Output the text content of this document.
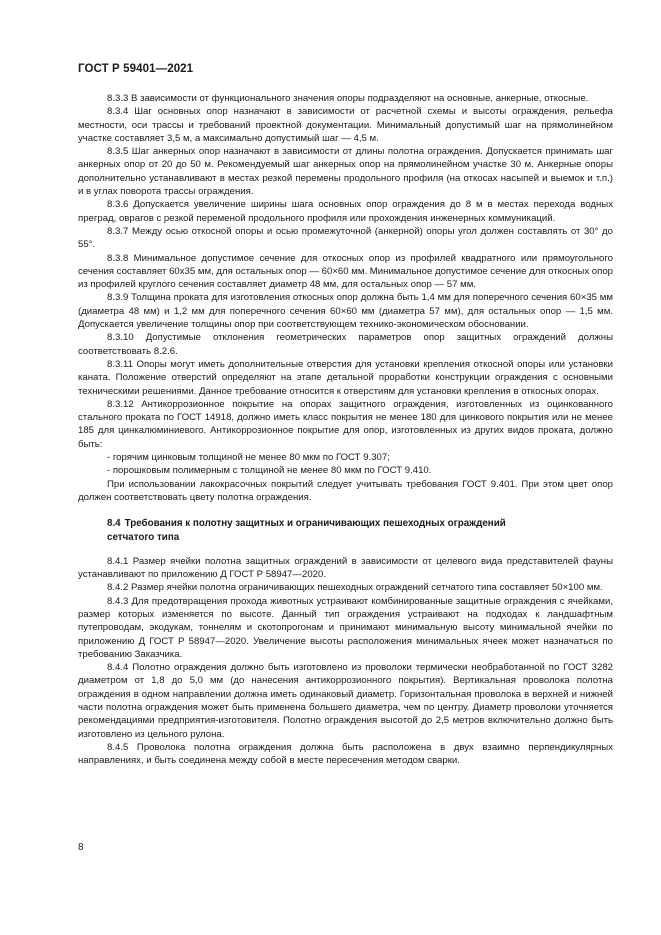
ГОСТ Р 59401—2021

8.3.3 В зависимости от функционального значения опоры подразделяют на основные, анкерные, откосные.

8.3.4 Шаг основных опор назначают в зависимости от расчетной схемы и высоты ограждения, рельефа местности, оси трассы и требований проектной документации. Минимальный допустимый шаг на прямолинейном участке составляет 3,5 м, а максимально допустимый шаг — 4,5 м.

8.3.5 Шаг анкерных опор назначают в зависимости от длины полотна ограждения. Допускается принимать шаг анкерных опор от 20 до 50 м. Рекомендуемый шаг анкерных опор на прямолинейном участке 30 м. Анкерные опоры дополнительно устанавливают в местах резкой перемены продольного профиля (на откосах насыпей и выемок и т.п.) и в углах поворота трассы ограждения.

8.3.6 Допускается увеличение ширины шага основных опор ограждения до 8 м в местах перехода водных преград, оврагов с резкой переменой продольного профиля или прохождения инженерных коммуникаций.

8.3.7 Между осью откосной опоры и осью промежуточной (анкерной) опоры угол должен составлять от 30° до 55°.

8.3.8 Минимальное допустимое сечение для откосных опор из профилей квадратного или прямоугольного сечения составляет 60х35 мм, для остальных опор — 60×60 мм. Минимальное допустимое сечение для откосных опор из профилей круглого сечения составляет диаметр 48 мм, для остальных опор — 57 мм.

8.3.9 Толщина проката для изготовления откосных опор должна быть 1,4 мм для поперечного сечения 60×35 мм (диаметра 48 мм) и 1,2 мм для поперечного сечения 60×60 мм (диаметра 57 мм), для остальных опор — 1,5 мм. Допускается увеличение толщины опор при соответствующем технико-экономическом обосновании.

8.3.10 Допустимые отклонения геометрических параметров опор защитных ограждений должны соответствовать 8.2.6.

8.3.11 Опоры могут иметь дополнительные отверстия для установки крепления откосной опоры или установки каната. Положение отверстий определяют на этапе детальной проработки конструкции ограждения с основными техническими решениями. Данное требование относится к отверстиям для установки крепления в откосных опорах.

8.3.12 Антикоррозионное покрытие на опорах защитного ограждения, изготовленных из оцинкованного стального проката по ГОСТ 14918, должно иметь класс покрытия не менее 180 для цинкового покрытия или не менее 185 для цинкалюминиевого. Антикоррозионное покрытие для опор, изготовленных из других видов проката, должно быть:

- горячим цинковым толщиной не менее 80 мкм по ГОСТ 9.307;

- порошковым полимерным с толщиной не менее 80 мкм по ГОСТ 9.410.

При использовании лакокрасочных покрытий следует учитывать требования ГОСТ 9.401. При этом цвет опор должен соответствовать цвету полотна ограждения.

8.4 Требования к полотну защитных и ограничивающих пешеходных ограждений
сетчатого типа

8.4.1 Размер ячейки полотна защитных ограждений в зависимости от целевого вида представителей фауны устанавливают по приложению Д ГОСТ Р 58947—2020.

8.4.2 Размер ячейки полотна ограничивающих пешеходных ограждений сетчатого типа составляет 50×100 мм.

8.4.3 Для предотвращения прохода животных устраивают комбинированные защитные ограждения с ячейками, размер которых изменяется по высоте. Данный тип ограждения устраивают на подходах к ландшафтным путепроводам, экодукам, тоннелям и скотопрогонам и принимают минимальную высоту минимальной ячейки по приложению Д ГОСТ Р 58947—2020. Увеличение высоты расположения минимальных ячеек может назначаться по требованию Заказчика.

8.4.4 Полотно ограждения должно быть изготовлено из проволоки термически необработанной по ГОСТ 3282 диаметром от 1,8 до 5,0 мм (до нанесения антикоррозионного покрытия). Вертикальная проволока полотна ограждения в одном направлении должна иметь одинаковый диаметр. Горизонтальная проволока в верхней и нижней части полотна ограждения может быть применена большего диаметра, чем по центру. Диаметр проволоки уточняется рекомендациями предприятия-изготовителя. Полотно ограждения высотой до 2,5 метров включительно должно быть изготовлено из цельного рулона.

8.4.5 Проволока полотна ограждения должна быть расположена в двух взаимно перпендикулярных направлениях, и быть соединена между собой в месте пересечения методом сварки.

8
